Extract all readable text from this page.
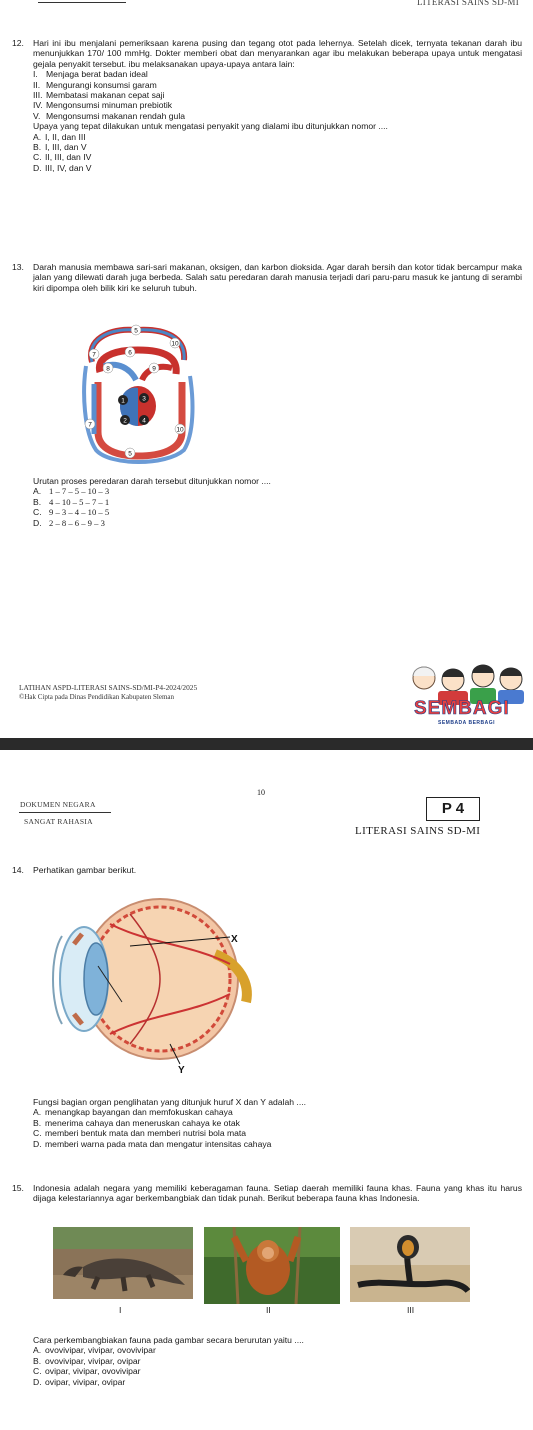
LITERASI SAINS SD-MI
12. Hari ini ibu menjalani pemeriksaan karena pusing dan tegang otot pada lehernya. Setelah dicek, ternyata tekanan darah ibu menunjukkan 170/ 100 mmHg. Dokter memberi obat dan menyarankan agar ibu melakukan beberapa upaya untuk mengatasi gejala penyakit tersebut. ibu melaksanakan upaya-upaya antara lain:
I. Menjaga berat badan ideal
II. Mengurangi konsumsi garam
III. Membatasi makanan cepat saji
IV. Mengonsumsi minuman prebiotik
V. Mengonsumsi makanan rendah gula
Upaya yang tepat dilakukan untuk mengatasi penyakit yang dialami ibu ditunjukkan nomor ....
A. I, II, dan III
B. I, III, dan V
C. II, III, dan IV
D. III, IV, dan V
13. Darah manusia membawa sari-sari makanan, oksigen, dan karbon dioksida. Agar darah bersih dan kotor tidak bercampur maka jalan yang dilewati darah juga berbeda. Salah satu peredaran darah manusia terjadi dari paru-paru masuk ke jantung di serambi kiri dipompa oleh bilik kiri ke seluruh tubuh.
5
10
7	6
8	9
1	3
2 4
7
10
5
Urutan proses peredaran darah tersebut ditunjukkan nomor ....
A. 1 – 7 – 5 – 10 – 3
B. 4 – 10 – 5 – 7 – 1
C. 9 – 3 – 4 – 10 – 5
D. 2 – 8 – 6 – 9 – 3
LATIHAN ASPD-LITERASI SAINS-SD/MI-P4-2024/2025
©Hak Cipta pada Dinas Pendidikan Kabupaten Sleman
SEMBAGI
SEMBADA BERBAGI
10
DOKUMEN NEGARA
SANGAT RAHASIA
P 4
LITERASI SAINS SD-MI
14. Perhatikan gambar berikut.
X
Y
Fungsi bagian organ penglihatan yang ditunjuk huruf X dan Y adalah ....
A. menangkap bayangan dan memfokuskan cahaya
B. menerima cahaya dan meneruskan cahaya ke otak
C. memberi bentuk mata dan memberi nutrisi bola mata
D. memberi warna pada mata dan mengatur intensitas cahaya
15. Indonesia adalah negara yang memiliki keberagaman fauna. Setiap daerah memiliki fauna khas. Fauna yang khas itu harus dijaga kelestariannya agar berkembangbiak dan tidak punah. Berikut beberapa fauna khas Indonesia.
I	II	III
Cara perkembangbiakan fauna pada gambar secara berurutan yaitu ....
A. ovovivipar, vivipar, ovovivipar
B. ovovivipar, vivipar, ovipar
C. ovipar, vivipar, ovovivipar
D. ovipar, vivipar, ovipar
